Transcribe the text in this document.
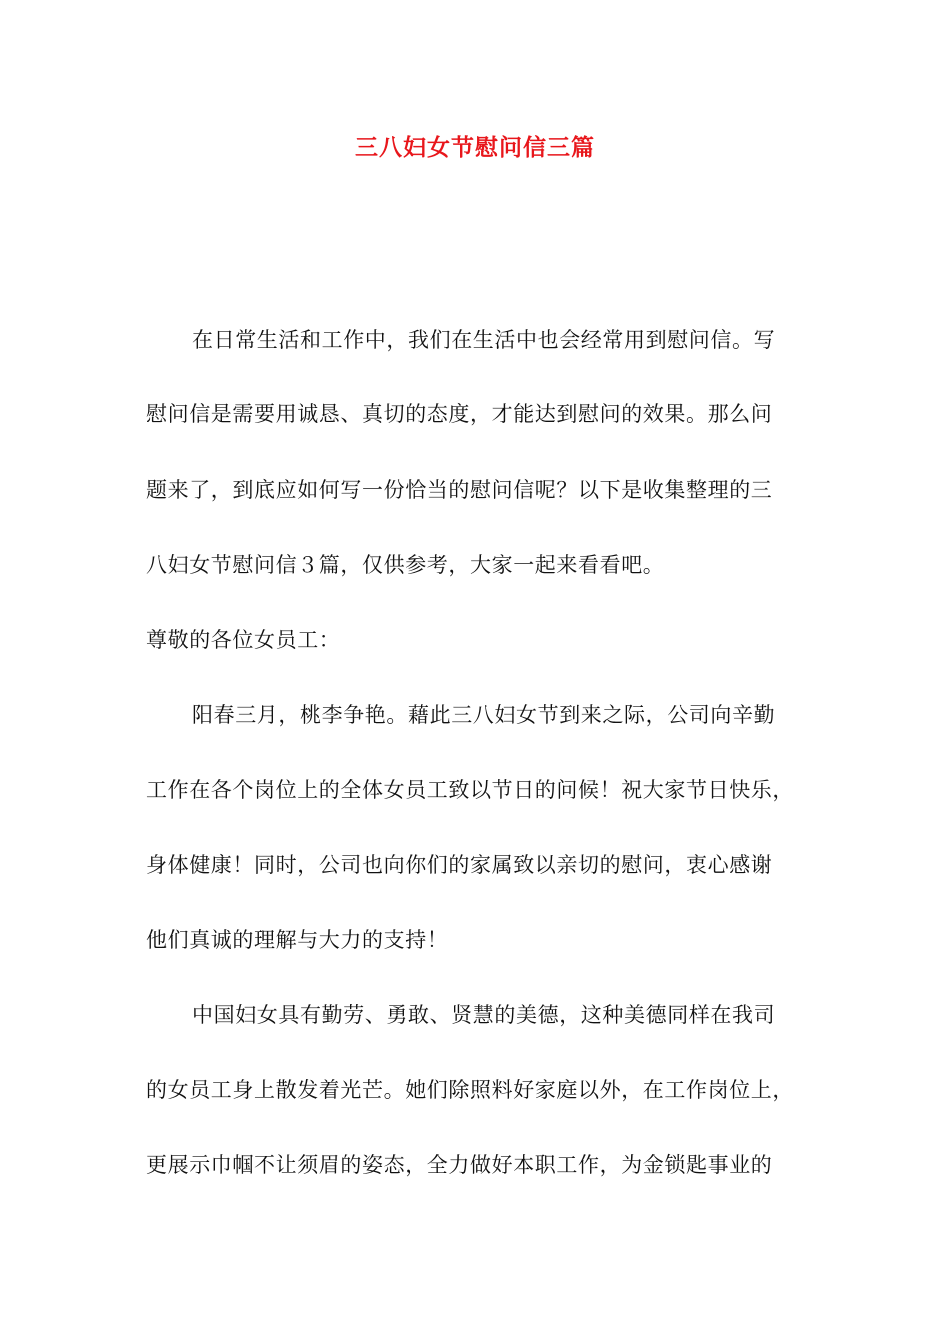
三八妇女节慰问信三篇
在日常生活和工作中，我们在生活中也会经常用到慰问信。写
慰问信是需要用诚恳、真切的态度，才能达到慰问的效果。那么问
题来了，到底应如何写一份恰当的慰问信呢？以下是收集整理的三
八妇女节慰问信３篇，仅供参考，大家一起来看看吧。
尊敬的各位女员工：
阳春三月，桃李争艳。藉此三八妇女节到来之际，公司向辛勤
工作在各个岗位上的全体女员工致以节日的问候！祝大家节日快乐，
身体健康！同时，公司也向你们的家属致以亲切的慰问，衷心感谢
他们真诚的理解与大力的支持！
中国妇女具有勤劳、勇敢、贤慧的美德，这种美德同样在我司
的女员工身上散发着光芒。她们除照料好家庭以外，在工作岗位上，
更展示巾帼不让须眉的姿态，全力做好本职工作，为金锁匙事业的
